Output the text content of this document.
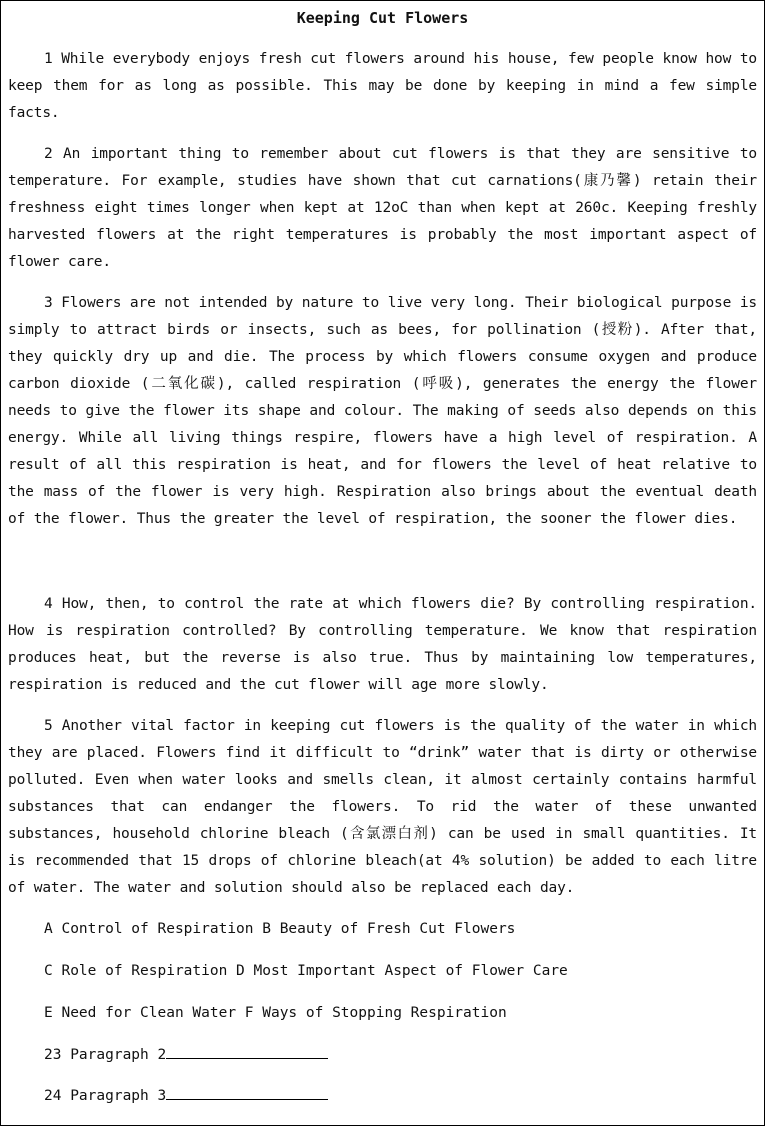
Keeping Cut Flowers

1 While everybody enjoys fresh cut flowers around his house, few people know how to keep them for as long as possible. This may be done by keeping in mind a few simple facts.

2 An important thing to remember about cut flowers is that they are sensitive to temperature. For example, studies have shown that cut carnations(康乃馨) retain their freshness eight times longer when kept at 12oC than when kept at 260c. Keeping freshly harvested flowers at the right temperatures is probably the most important aspect of flower care.

3 Flowers are not intended by nature to live very long. Their biological purpose is simply to attract birds or insects, such as bees, for pollination (授粉). After that, they quickly dry up and die. The process by which flowers consume oxygen and produce carbon dioxide (二氧化碳), called respiration (呼吸), generates the energy the flower needs to give the flower its shape and colour. The making of seeds also depends on this energy. While all living things respire, flowers have a high level of respiration. A result of all this respiration is heat, and for flowers the level of heat relative to the mass of the flower is very high. Respiration also brings about the eventual death of the flower. Thus the greater the level of respiration, the sooner the flower dies.

4 How, then, to control the rate at which flowers die? By controlling respiration. How is respiration controlled? By controlling temperature. We know that respiration produces heat, but the reverse is also true. Thus by maintaining low temperatures, respiration is reduced and the cut flower will age more slowly.

5 Another vital factor in keeping cut flowers is the quality of the water in which they are placed. Flowers find it difficult to “drink” water that is dirty or otherwise polluted. Even when water looks and smells clean, it almost certainly contains harmful substances that can endanger the flowers. To rid the water of these unwanted substances, household chlorine bleach (含氯漂白剂) can be used in small quantities. It is recommended that 15 drops of chlorine bleach(at 4% solution) be added to each litre of water. The water and solution should also be replaced each day.

A Control of Respiration B Beauty of Fresh Cut Flowers
C Role of Respiration D Most Important Aspect of Flower Care
E Need for Clean Water F Ways of Stopping Respiration
23 Paragraph 2
24 Paragraph 3
